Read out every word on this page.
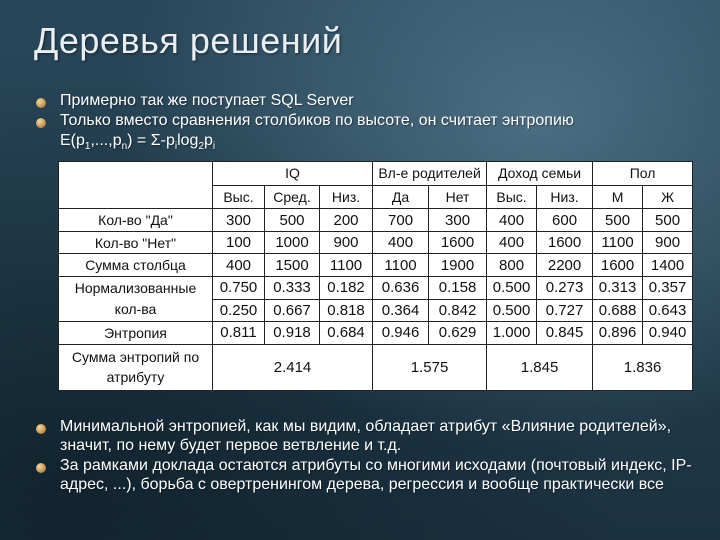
Деревья решений
Примерно так же поступает SQL Server
Только вместо сравнения столбиков по высоте, он считает энтропию
$E(p_1,...,p_n) = \Sigma-p_i\log_2p_i$
	IQ			Вл-е родителей		Доход семьи		Пол	
	Выс.	Сред.	Низ.	Да	Нет	Выс.	Низ.	М	Ж
Кол-во "Да"	300	500	200	700	300	400	600	500	500
Кол-во "Нет"	100	1000	900	400	1600	400	1600	1100	900
Сумма столбца	400	1500	1100	1100	1900	800	2200	1600	1400
Нормализованные
кол-ва	0.750	0.333	0.182	0.636	0.158	0.500	0.273	0.313	0.357
	0.250	0.667	0.818	0.364	0.842	0.500	0.727	0.688	0.643
Энтропия	0.811	0.918	0.684	0.946	0.629	1.000	0.845	0.896	0.940
Сумма энтропий по
атрибуту	2.414			1.575		1.845		1.836	
Минимальной энтропией, как мы видим, обладает атрибут «Влияние родителей», значит, по нему будет первое ветвление и т.д.
За рамками доклада остаются атрибуты со многими исходами (почтовый индекс, IP-адрес, ...), борьба с овертренингом дерева, регрессия и вообще практически все
